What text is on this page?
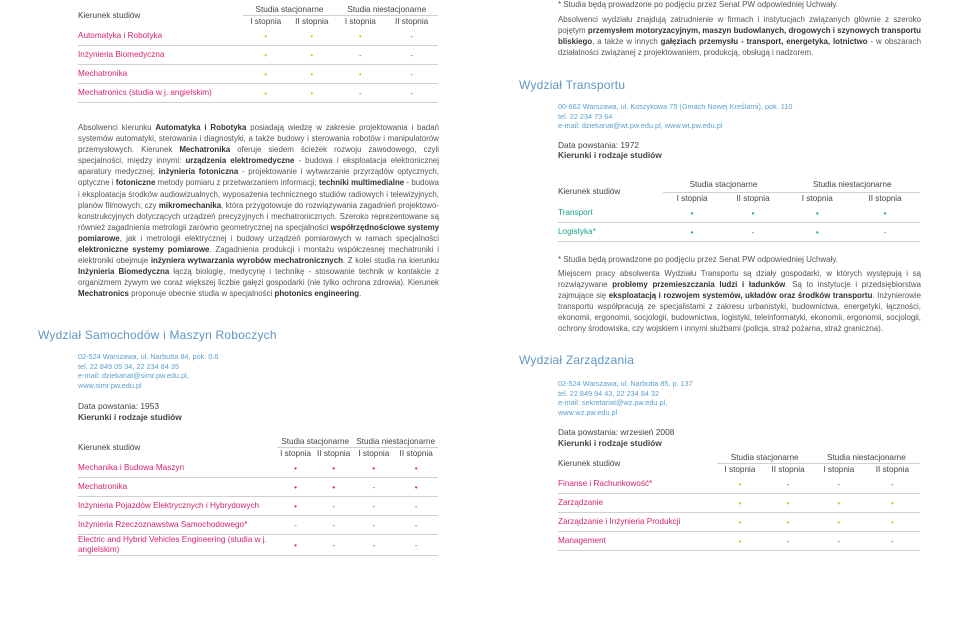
Kierunek studiów	Studia stacjonarne		Studia niestacjonarne	
	I stopnia	II stopnia	I stopnia	II stopnia
Automatyka i Robotyka	•	•	•	-
Inżynieria Biomedyczna	•	•	-	-
Mechatronika	•	•	•	-
Mechatronics (studia w j. angielskim)	•	•	-	-
Absolwenci kierunku Automatyka i Robotyka posiadają wiedzę w zakresie projektowania i badań systemów automatyki, sterowania i diagnostyki, a także budowy i sterowania robotów i manipulatorów przemysłowych. Kierunek Mechatronika oferuje siedem ścieżek rozwoju zawodowego, czyli specjalności, między innymi: urządzenia elektromedyczne - budowa i eksploatacja elektronicznej aparatury medycznej; inżynieria fotoniczna - projektowanie i wytwarzanie przyrządów optycznych, optyczne i fotoniczne metody pomiaru z przetwarzaniem informacji; techniki multimedialne - budowa i eksploatacja środków audiowizualnych, wyposażenia technicznego studiów radiowych i telewizyjnych, planów filmowych; czy mikromechanika, która przygotowuje do rozwiązywania zagadnień projektowo-konstrukcyjnych dotyczących urządzeń precyzyjnych i mechatronicznych. Szeroko reprezentowane są również zagadnienia metrologii zarówno geometrycznej na specjalności współrzędnościowe systemy pomiarowe, jak i metrologii elektrycznej i budowy urządzeń pomiarowych w ramach specjalności elektroniczne systemy pomiarowe. Zagadnienia produkcji i montażu współczesnej mechatroniki i elektroniki obejmuje inżyniera wytwarzania wyrobów mechatronicznych. Z kolei studia na kierunku Inżynieria Biomedyczna łączą biologię, medycynę i technikę - stosowanie technik w kontakcie z organizmem żywym we coraz większej liczbie gałęzi gospodarki (nie tylko ochrona zdrowia). Kierunek Mechatronics proponuje obecnie studia w specjalności photonics engineering.
Wydział Samochodów i Maszyn Roboczych
02-524 Warszawa, ul. Narbutta 84, pok. 0.6
tel. 22 849 05 34, 22 234 84 35
e-mail: dziekanat@simr.pw.edu.pl,
www.simr.pw.edu.pl
Data powstania: 1953
Kierunki i rodzaje studiów
Kierunek studiów	Studia stacjonarne		Studia niestacjonarne	
	I stopnia	II stopnia	I stopnia	II stopnia
Mechanika i Budowa Maszyn	•	•	•	•
Mechatronika	•	•	-	•
Inżynieria Pojazdów Elektrycznych i Hybrydowych	•	-	-	-
Inżynieria Rzeczoznawstwa Samochodowego*	-	-	-	-
Electric and Hybrid Vehicles Engineering (studia w j. angielskim)	•	-	-	-
* Studia będą prowadzone po podjęciu przez Senat PW odpowiedniej Uchwały.
Absolwenci wydziału znajdują zatrudnienie w firmach i instytucjach związanych głównie z szeroko pojętym przemysłem motoryzacyjnym, maszyn budowlanych, drogowych i szynowych transportu bliskiego, a także w innych gałęziach przemysłu - transport, energetyka, lotnictwo - w obszarach działalności związanej z projektowaniem, produkcją, obsługą i nadzorem.
Wydział Transportu
00-662 Warszawa, ul. Koszykowa 75 (Gmach Nowej Kreślarni), pok. 110
tel. 22 234 73 64
e-mail: dziekanat@wt.pw.edu.pl, www.wt.pw.edu.pl
Data powstania: 1972
Kierunki i rodzaje studiów
Kierunek studiów	Studia stacjonarne		Studia niestacjonarne	
	I stopnia	II stopnia	I stopnia	II stopnia
Transport	•	•	•	•
Logistyka*	•	-	•	-
* Studia będą prowadzone po podjęciu przez Senat PW odpowiedniej Uchwały.
Miejscem pracy absolwenta Wydziału Transportu są działy gospodarki, w których występują i są rozwiązywane problemy przemieszczania ludzi i ładunków. Są to instytucje i przedsiębiorstwa zajmujące się eksploatacją i rozwojem systemów, układów oraz środków transportu. Inżynierowie transportu współpracują ze specjalistami z zakresu urbanistyki, budownictwa, energetyki, łączności, ekonomii, ergonomii, socjologii, budownictwa, logistyki, teleinformatyki, ekonomii, ergonomii, socjologii, ochrony środowiska, czy wojskiem i innymi służbami (policja, straż pożarna, straż graniczna).
Wydział Zarządzania
02-524 Warszawa, ul. Narbutta 85, p. 137
tel. 22 849 94 43, 22 234 84 32
e-mail: sekretariat@wz.pw.edu.pl,
www.wz.pw.edu.pl
Data powstania: wrzesień 2008
Kierunki i rodzaje studiów
Kierunek studiów	Studia stacjonarne		Studia niestacjonarne	
	I stopnia	II stopnia	I stopnia	II stopnia
Finanse i Rachunkowość*	•	-	-	-
Zarządzanie	•	•	•	•
Zarządzanie i Inżynieria Produkcji	•	•	•	•
Management	•	-	-	-
